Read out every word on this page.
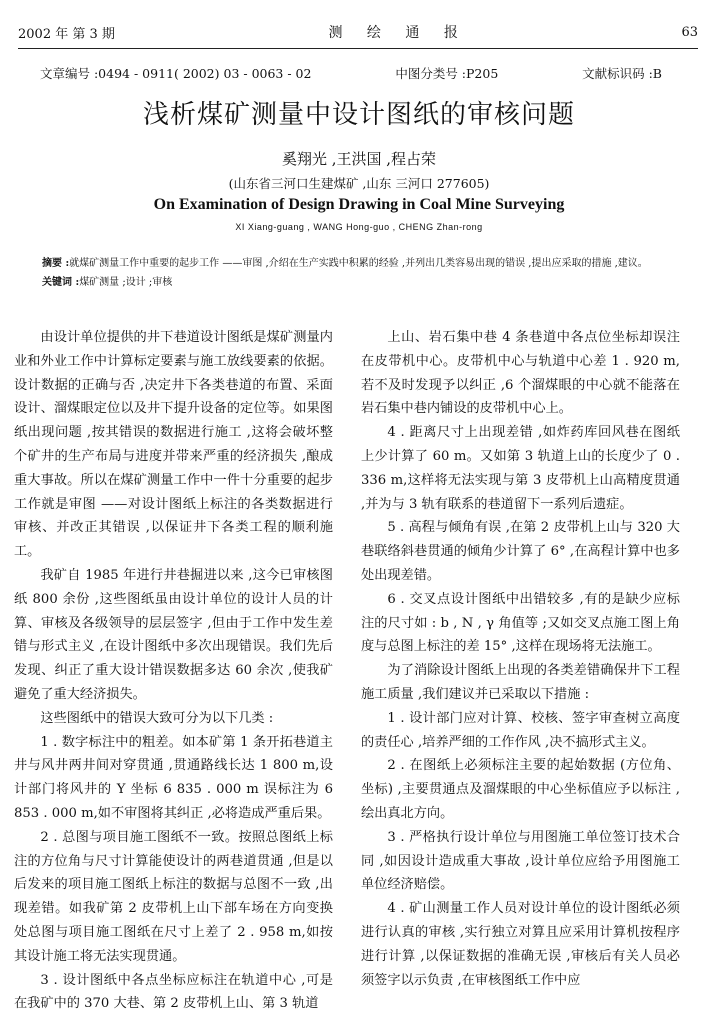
2002 年 第 3 期	测 绘 通 报	63
文章编号 :0494 - 0911( 2002) 03 - 0063 - 02	中图分类号 :P205	文献标识码 :B
浅析煤矿测量中设计图纸的审核问题
奚翔光 ,王洪国 ,程占荣
(山东省三河口生建煤矿 ,山东 三河口 277605)
On Examination of Design Drawing in Coal Mine Surveying
XI Xiang-guang , WANG Hong-guo , CHENG Zhan-rong
摘要 :就煤矿测量工作中重要的起步工作 ——审图 ,介绍在生产实践中积累的经验 ,并列出几类容易出现的错误 ,提出应采取的措施 ,建议。
关键词 :煤矿测量 ;设计 ;审核

由设计单位提供的井下巷道设计图纸是煤矿测量内业和外业工作中计算标定要素与施工放线要素的依据。设计数据的正确与否 ,决定井下各类巷道的布置、采面设计、溜煤眼定位以及井下提升设备的定位等。如果图纸出现问题 ,按其错误的数据进行施工 ,这将会破坏整个矿井的生产布局与进度并带来严重的经济损失 ,酿成重大事故。所以在煤矿测量工作中一件十分重要的起步工作就是审图 ——对设计图纸上标注的各类数据进行审核、并改正其错误 ,以保证井下各类工程的顺利施工。

我矿自 1985 年进行井巷掘进以来 ,这今已审核图纸 800 余份 ,这些图纸虽由设计单位的设计人员的计算、审核及各级领导的层层签字 ,但由于工作中发生差错与形式主义 ,在设计图纸中多次出现错误。我们先后发现、纠正了重大设计错误数据多达 60 余次 ,使我矿避免了重大经济损失。

这些图纸中的错误大致可分为以下几类 :

1 . 数字标注中的粗差。如本矿第 1 条开拓巷道主井与风井两井间对穿贯通 ,贯通路线长达 1 800 m,设计部门将风井的 Y 坐标 6 835 . 000 m 误标注为 6 853 . 000 m,如不审图将其纠正 ,必将造成严重后果。

2 . 总图与项目施工图纸不一致。按照总图纸上标注的方位角与尺寸计算能使设计的两巷道贯通 ,但是以后发来的项目施工图纸上标注的数据与总图不一致 ,出现差错。如我矿第 2 皮带机上山下部车场在方向变换处总图与项目施工图纸在尺寸上差了 2 . 958 m,如按其设计施工将无法实现贯通。

3 . 设计图纸中各点坐标应标注在轨道中心 ,可是在我矿中的 370 大巷、第 2 皮带机上山、第 3 轨道

上山、岩石集中巷 4 条巷道中各点位坐标却误注在皮带机中心。皮带机中心与轨道中心差 1 . 920 m,若不及时发现予以纠正 ,6 个溜煤眼的中心就不能落在岩石集中巷内铺设的皮带机中心上。

4 . 距离尺寸上出现差错 ,如炸药库回风巷在图纸上少计算了 60 m。又如第 3 轨道上山的长度少了 0 . 336 m,这样将无法实现与第 3 皮带机上山高精度贯通 ,并为与 3 轨有联系的巷道留下一系列后遗症。

5 . 高程与倾角有误 ,在第 2 皮带机上山与 320 大巷联络斜巷贯通的倾角少计算了 6° ,在高程计算中也多处出现差错。

6 . 交叉点设计图纸中出错较多 ,有的是缺少应标注的尺寸如 : b , N , γ 角值等 ;又如交叉点施工图上角度与总图上标注的差 15° ,这样在现场将无法施工。

为了消除设计图纸上出现的各类差错确保井下工程施工质量 ,我们建议并已采取以下措施 :

1 . 设计部门应对计算、校核、签字审查树立高度的责任心 ,培养严细的工作作风 ,决不搞形式主义。

2 . 在图纸上必须标注主要的起始数据 (方位角、坐标) ,主要贯通点及溜煤眼的中心坐标值应予以标注 ,绘出真北方向。

3 . 严格执行设计单位与用图施工单位签订技术合同 ,如因设计造成重大事故 ,设计单位应给予用图施工单位经济赔偿。

4 . 矿山测量工作人员对设计单位的设计图纸必须进行认真的审核 ,实行独立对算且应采用计算机按程序进行计算 ,以保证数据的准确无误 ,审核后有关人员必须签字以示负责 ,在审核图纸工作中应
